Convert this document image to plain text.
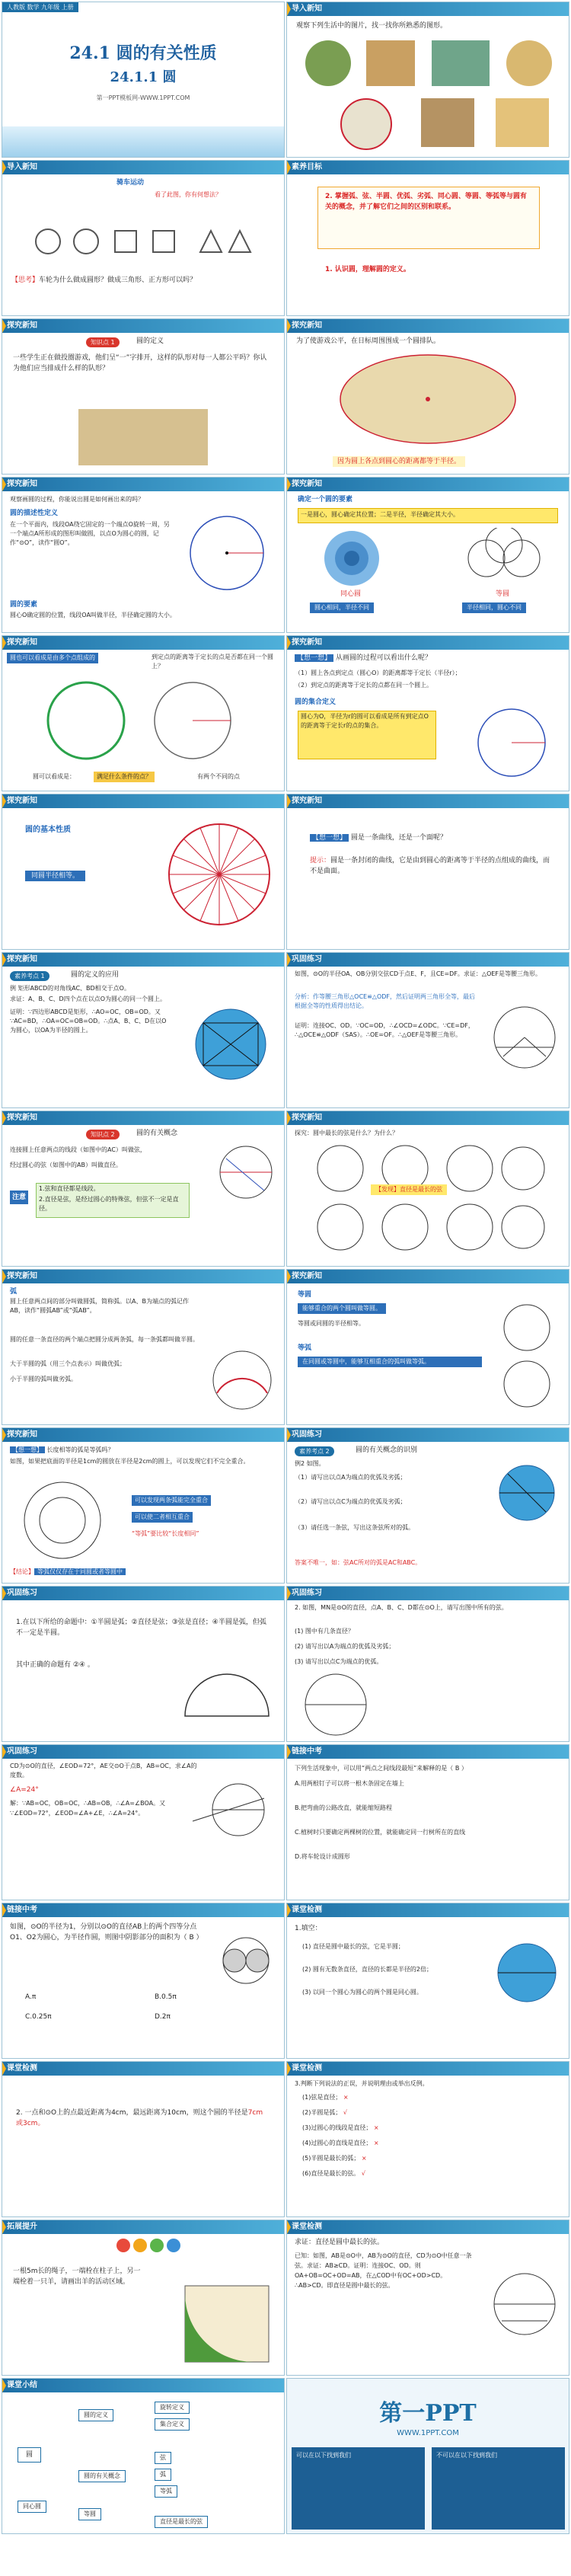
人教版 数学 九年级 上册
24.1 圆的有关性质
24.1.1 圆
第一PPT模板网-WWW.1PPT.COM
导入新知
观察下列生活中的图片，找一找你所熟悉的图形。
导入新知
骑车运动
看了此图，你有何想法？
【思考】车轮为什么做成圆形？做成三角形、正方形可以吗？
素养目标
2. 掌握弧、弦、半圆、优弧、劣弧、同心圆、等圆、等弧等与圆有关的概念，并了解它们之间的区别和联系。
1. 认识圆，理解圆的定义。
探究新知
知识点 1	圆的定义
一些学生正在做投圈游戏，他们呈“一”字排开，这样的队形对每一人都公平吗？你认为他们应当排成什么样的队形？
探究新知
为了使游戏公平，在日标周围围成一个圆排队。
因为圆上各点到圆心的距离都等于半径。
探究新知
观察画圆的过程，你能说出圆是如何画出来的吗？
圆的描述性定义
在一个平面内，线段OA绕它固定的一个端点O旋转一周，另一个端点A所形成的图形叫做圆，以点O为圆心的圆，记作“⊙O”，读作“圆O”。
圆的要素
圆心O确定圆的位置，线段OA叫做半径，半径确定圆的大小。
探究新知
确定一个圆的要素
一是圆心，圆心确定其位置；二是半径，半径确定其大小。
同心圆
圆心相同，半径不同
等圆
半径相同，圆心不同
探究新知
圆也可以看成是由多个点组成的	到定点的距离等于定长的点是否都在同一个圆上？
圆可以看成是：	满足什么条件的点？	有两个不同的点
探究新知
【想一想】 从画圆的过程可以看出什么呢？
（1）圆上各点到定点（圆心O）的距离都等于定长（半径r）；
（2）到定点的距离等于定长的点都在同一个圆上。
圆的集合定义
圆心为O，半径为r的圆可以看成是所有到定点O的距离等于定长r的点的集合。
探究新知
圆的基本性质
同圆半径相等。
探究新知
【想一想】 圆是一条曲线，还是一个面呢？
提示：圆是一条封闭的曲线，它是由到圆心的距离等于半径的点组成的曲线，而不是曲面。
探究新知
素养考点 1	圆的定义的应用
例 矩形ABCD的对角线AC、BD相交于点O。
求证：A、B、C、D四个点在以点O为圆心的同一个圆上。
证明：∵四边形ABCD是矩形，∴AO=OC，OB=OD。又∵AC=BD，∴OA=OC=OB=OD。∴点A、B、C、D在以O为圆心，以OA为半径的圆上。
巩固练习
如图，⊙O的半径OA、OB分别交弦CD于点E、F，且CE=DF。求证：△OEF是等腰三角形。
分析：作等腰三角形△OCE≌△ODF，然后证明两三角形全等，最后根据全等的性质得出结论。
证明：连接OC、OD。∵OC=OD，∴∠OCD=∠ODC。∵CE=DF，∴△OCE≌△ODF（SAS）。∴OE=OF。∴△OEF是等腰三角形。
探究新知
知识点 2	圆的有关概念
连接圆上任意两点的线段（如图中的AC）叫做弦，
经过圆心的弦（如图中的AB）叫做直径。
注意
1.弦和直径都是线段。
2.直径是弦，是经过圆心的特殊弦，但弦不一定是直径。
探究新知
探究：圆中最长的弦是什么？为什么？
【发现】直径是最长的弦
探究新知
弧
圆上任意两点间的部分叫做圆弧，简称弧。以A、B为端点的弧记作AB，读作“圆弧AB”或“弧AB”。
圆的任意一条直径的两个端点把圆分成两条弧，每一条弧都叫做半圆。
大于半圆的弧（用三个点表示）叫做优弧；
小于半圆的弧叫做劣弧。
探究新知
等圆
能够重合的两个圆叫做等圆。
等圆或同圆的半径相等。
等弧
在同圆或等圆中，能够互相重合的弧叫做等弧。
探究新知
【想一想】 长度相等的弧是等弧吗？
如图，如果把底面的半径是1cm的圆放在半径是2cm的圆上，可以发现它们不完全重合。
可以发现两条弧能完全重合
可以使二者相互重合
“等弧”要比较“长度相同”
【结论】 等弧仅仅存在于同圆或者等圆中
巩固练习
素养考点 2	圆的有关概念的识别
例2 如图。
（1）请写出以点A为端点的优弧及劣弧；
（2）请写出以点C为端点的优弧及劣弧；
（3）请任选一条弦，写出这条弦所对的弧。
答案不唯一，如：弦AC所对的弧是AC和ABC。
巩固练习
1.在以下所给的命题中：①半圆是弧；②直径是弦；③弦是直径；④半圆是弧，但弧不一定是半圆。
其中正确的命题有 ②④ 。
巩固练习
2. 如图，MN是⊙O的直径，点A、B、C、D都在⊙O上，请写出图中所有的弦。
(1) 图中有几条直径？
(2) 请写出以A为端点的优弧及劣弧；
(3) 请写出以点C为端点的优弧。
巩固练习
CD为⊙O的直径，∠EOD=72°，AE交⊙O于点B，AB=OC，求∠A的度数。
∠A=24°
解：∵AB=OC，OB=OC，∴AB=OB，∴∠A=∠BOA。又∵∠EOD=72°，∠EOD=∠A+∠E，∴∠A=24°。
链接中考
下列生活现象中，可以用“两点之间线段最短”来解释的是（ B ）
A.用两根钉子可以将一根木条固定在墙上
B.把弯曲的公路改直，就能缩短路程
C.植树时只要确定两棵树的位置，就能确定同一行树所在的直线
D.将车轮设计成圆形
链接中考
如图，⊙O的半径为1，分别以⊙O的直径AB上的两个四等分点O1、O2为圆心，为半径作圆，则图中阴影部分的面积为（ B ）
A.π	B.0.5π
C.0.25π	D.2π
课堂检测
1.填空：
(1) 直径是圆中最长的弦，它是半圆；
(2) 圆有无数条直径，直径的长都是半径的2倍；
(3) 以同一个圆心为圆心的两个圆是同心圆。
课堂检测
2. 一点和⊙O上的点最近距离为4cm，最远距离为10cm，则这个圆的半径是7cm或3cm。
课堂检测
3.判断下列说法的正误，并说明理由或举出反例。
(1)弦是直径； ×
(2)半圆是弧； √
(3)过圆心的线段是直径； ×
(4)过圆心的直线是直径； ×
(5)半圆是最长的弧； ×
(6)直径是最长的弦。 √
拓展提升
一根5m长的绳子，一端栓在柱子上，另一端栓着一只羊，请画出羊的活动区域。
课堂检测
求证：直径是圆中最长的弦。
已知：如图，AB是⊙O中，AB为⊙O的直径，CD为⊙O中任意一条弦。求证：AB≥CD。证明：连接OC、OD。则OA+OB=OC+OD=AB，在△COD中有OC+OD>CD。∴AB>CD。即直径是圆中最长的弦。
课堂小结
圆
圆的定义
旋转定义
集合定义
圆的有关概念
弦
弧
同心圆
等圆
等弧
直径是最长的弦
第一PPT
WWW.1PPT.COM
可以在以下找到我们	不可以在以下找到我们
